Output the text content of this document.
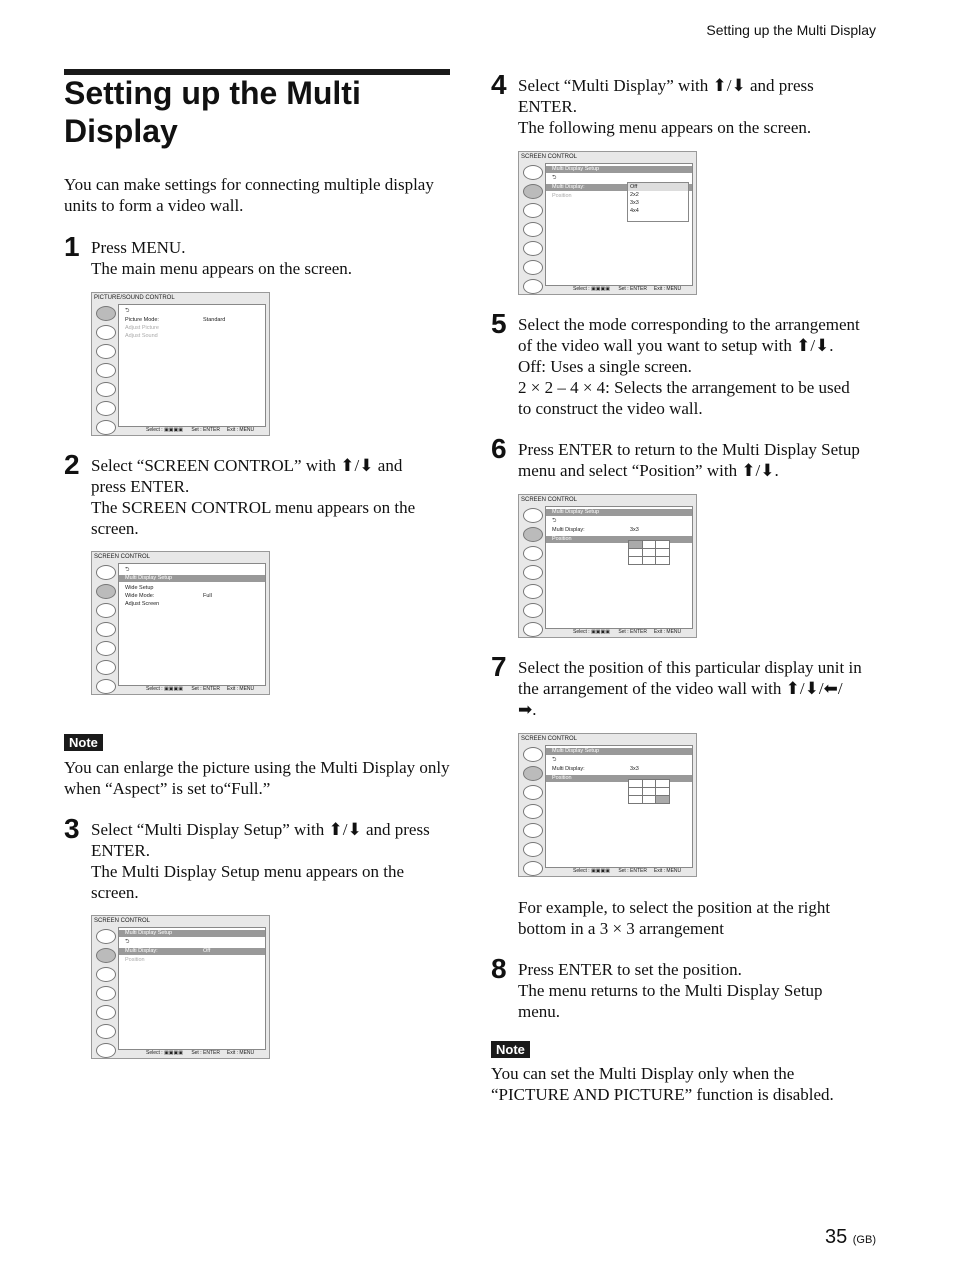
Setting up the Multi Display
Setting up the Multi Display
You can make settings for connecting multiple display units to form a video wall.
1 Press MENU.
The main menu appears on the screen.
PICTURE/SOUND CONTROL
⮌
Picture Mode:	Standard
Adjust Picture
Adjust Sound
Select : ▣▣▣▣      Set : ENTER Exit : MENU
2 Select “SCREEN CONTROL” with ⬆/⬇ and
press ENTER.
The SCREEN CONTROL menu appears on the
screen.
SCREEN CONTROL
⮌
Multi Display Setup
Wide Setup
Wide Mode:	Full
Adjust Screen
Select : ▣▣▣▣      Set : ENTER Exit : MENU
Note
You can enlarge the picture using the Multi Display only when “Aspect” is set to“Full.”
3 Select “Multi Display Setup” with ⬆/⬇ and press
ENTER.
The Multi Display Setup menu appears on the
screen.
SCREEN CONTROL
Multi Display Setup
⮌
Multi Display:	Off
Position
Select : ▣▣▣▣      Set : ENTER Exit : MENU
4 Select “Multi Display” with ⬆/⬇ and press
ENTER.
The following menu appears on the screen.
SCREEN CONTROL
Multi Display Setup
⮌
Multi Display:
Position
Off
2x2
3x3
4x4
Select : ▣▣▣▣      Set : ENTER Exit : MENU
5 Select the mode corresponding to the arrangement
of the video wall you want to setup with ⬆/⬇.
Off: Uses a single screen.
2 × 2 – 4 × 4: Selects the arrangement to be used
to construct the video wall.
6 Press ENTER to return to the Multi Display Setup
menu and select “Position” with ⬆/⬇.
SCREEN CONTROL
Multi Display Setup
⮌
Multi Display:	3x3
Position

Select : ▣▣▣▣      Set : ENTER Exit : MENU
7 Select the position of this particular display unit in
the arrangement of the video wall with ⬆/⬇/⬅/
➡.
SCREEN CONTROL
Multi Display Setup
⮌
Multi Display:	3x3
Position

Select : ▣▣▣▣      Set : ENTER Exit : MENU
For example, to select the position at the right bottom in a 3 × 3 arrangement
8 Press ENTER to set the position.
The menu returns to the Multi Display Setup
menu.
Note
You can set the Multi Display only when the “PICTURE AND PICTURE” function is disabled.
35 (GB)
